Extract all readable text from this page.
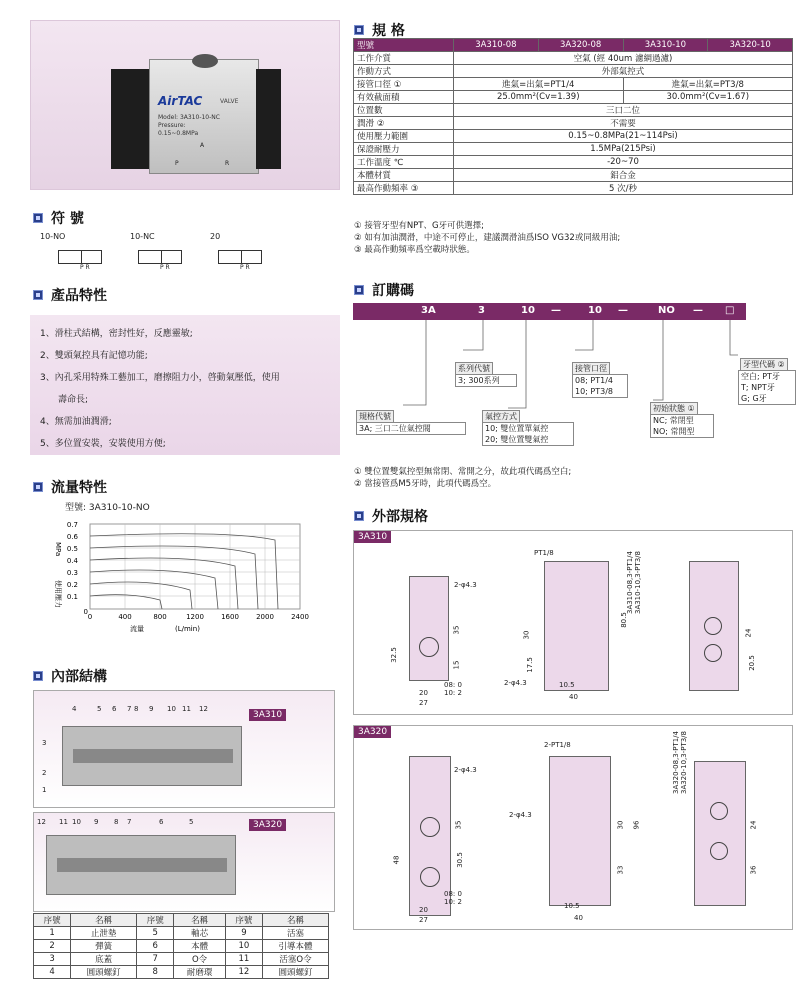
AirTAC	VALVE
Model: 3A310-10-NC
Pressure:
0.15~0.8MPa
A
P	R
規 格
型號	3A310-08	3A320-08	3A310-10	3A320-10
工作介質	空氣 (經 40um 濾網過濾)			
作動方式	外部氣控式			
接管口徑 ①	進氣=出氣=PT1/4		進氣=出氣=PT3/8	
有效截面積	25.0mm²(Cv=1.39)		30.0mm²(Cv=1.67)	
位置數	三口二位			
潤滑 ②	不需要			
使用壓力範圍	0.15~0.8MPa(21~114Psi)			
保證耐壓力	1.5MPa(215Psi)			
工作溫度 ℃	-20~70			
本體材質	鋁合金			
最高作動頻率 ③	5 次/秒			
① 接管牙型有NPT、G牙可供選擇;
② 如有加油潤滑，中途不可停止，建議潤滑油爲ISO VG32或同級用油;
③ 最高作動頻率爲空載時狀態。
符 號
10-NO	10-NC	20
P R	P R	P R
產品特性
1、滑柱式結構，密封性好，反應靈敏;
2、雙頭氣控具有記憶功能;
3、內孔采用特殊工藝加工，磨擦阻力小，啓動氣壓低，使用
壽命長;
4、無需加油潤滑;
5、多位置安裝，安裝使用方便;
訂購碼
3A	3	10 —	10 —	NO — □
系列代號
3; 300系列
接管口徑
08; PT1/4
10; PT3/8
牙型代碼 ②
空白; PT牙
T; NPT牙
G; G牙
規格代號
3A; 三口二位氣控閥
氣控方式
10; 雙位置單氣控
20; 雙位置雙氣控
初始狀態 ①
NC; 常閉型
NO; 常開型
① 雙位置雙氣控型無常閉、常開之分，故此項代碼爲空白;
② 當接管爲M5牙時，此項代碼爲空。
流量特性
型號: 3A310-10-NO
0.7
0.6
0.5
0.4
0.3
0.2
0.1
0
0	400	800	1200 1600 2000 2400
流量	(L/min)
MPa
使用壓力
外部規格
3A310
2-φ4.3
32.5
35
15
08: 0
10: 2
20
27
PT1/8
30
17.5
2-φ4.3
80.5
10.5
40
3A310-08,3-PT1/4
3A310-10,3-PT3/8
24
20.5
3A320
2-φ4.3
48
35
30.5
08: 0
10: 2
20
27
2-PT1/8
2-φ4.3
30 96
33
10.5
40
3A320-08,3-PT1/4
3A320-10,3-PT3/8
24
36
內部結構
3A310
4	5 6 7 8 9 10 11 12
3
2
1
3A320
12 11 10 9 8 7	6	5
序號	名稱	序號	名稱	序號	名稱
1	止泄墊	5	軸芯	9	活塞
2	彈簧	6	本體	10	引導本體
3	底蓋	7	O令	11	活塞O令
4	圓頭螺釘	8	耐磨環	12	圓頭螺釘
